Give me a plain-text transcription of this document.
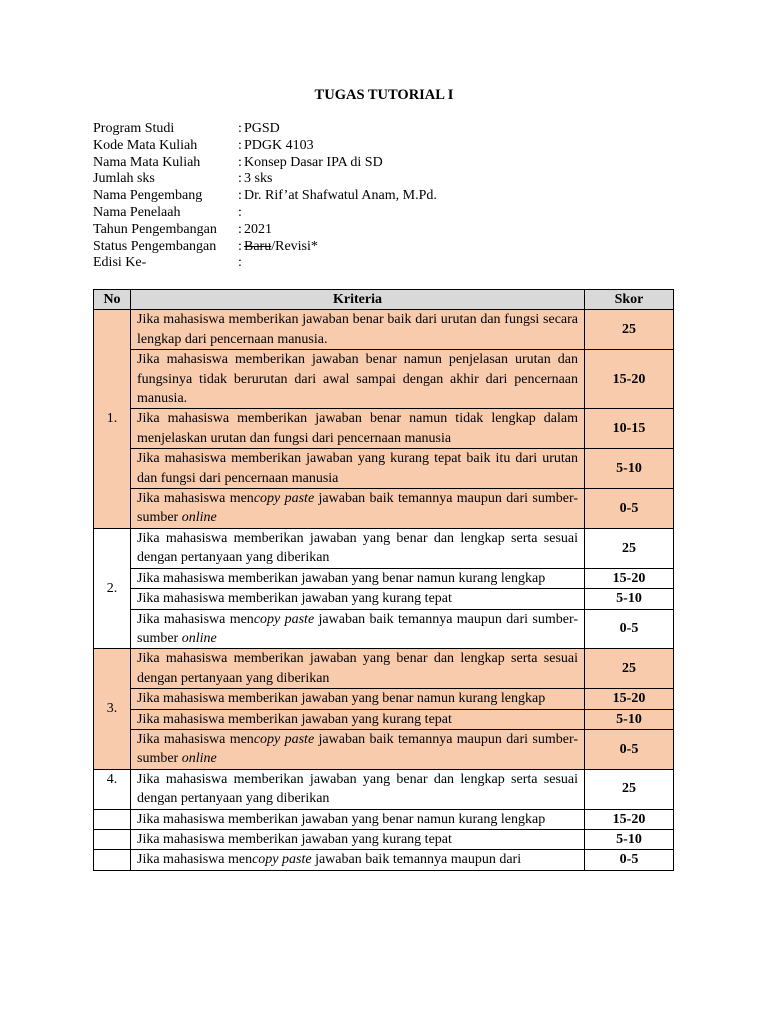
TUGAS TUTORIAL I
Program Studi	:	PGSD
Kode Mata Kuliah	:	PDGK 4103
Nama Mata Kuliah	:	Konsep Dasar IPA di SD
Jumlah sks	:	3 sks
Nama Pengembang	:	Dr. Rif’at Shafwatul Anam, M.Pd.
Nama Penelaah	:	
Tahun Pengembangan	:	2021
Status Pengembangan	:	Baru/Revisi*
Edisi Ke-	:	
No	Kriteria	Skor
1.	Jika mahasiswa memberikan jawaban benar baik dari urutan dan fungsi secara lengkap dari pencernaan manusia.	25
	Jika mahasiswa memberikan jawaban benar namun penjelasan urutan dan fungsinya tidak berurutan dari awal sampai dengan akhir dari pencernaan manusia.	15-20
	Jika mahasiswa memberikan jawaban benar namun tidak lengkap dalam menjelaskan urutan dan fungsi dari pencernaan manusia	10-15
	Jika mahasiswa memberikan jawaban yang kurang tepat baik itu dari urutan dan fungsi dari pencernaan manusia	5-10
	Jika mahasiswa mencopy paste jawaban baik temannya maupun dari sumber-sumber online	0-5
2.	Jika mahasiswa memberikan jawaban yang benar dan lengkap serta sesuai dengan pertanyaan yang diberikan	25
	Jika mahasiswa memberikan jawaban yang benar namun kurang lengkap	15-20
	Jika mahasiswa memberikan jawaban yang kurang tepat	5-10
	Jika mahasiswa mencopy paste jawaban baik temannya maupun dari sumber-sumber online	0-5
3.	Jika mahasiswa memberikan jawaban yang benar dan lengkap serta sesuai dengan pertanyaan yang diberikan	25
	Jika mahasiswa memberikan jawaban yang benar namun kurang lengkap	15-20
	Jika mahasiswa memberikan jawaban yang kurang tepat	5-10
	Jika mahasiswa mencopy paste jawaban baik temannya maupun dari sumber-sumber online	0-5
4.	Jika mahasiswa memberikan jawaban yang benar dan lengkap serta sesuai dengan pertanyaan yang diberikan	25
	Jika mahasiswa memberikan jawaban yang benar namun kurang lengkap	15-20
	Jika mahasiswa memberikan jawaban yang kurang tepat	5-10
	Jika mahasiswa mencopy paste jawaban baik temannya maupun dari	0-5
